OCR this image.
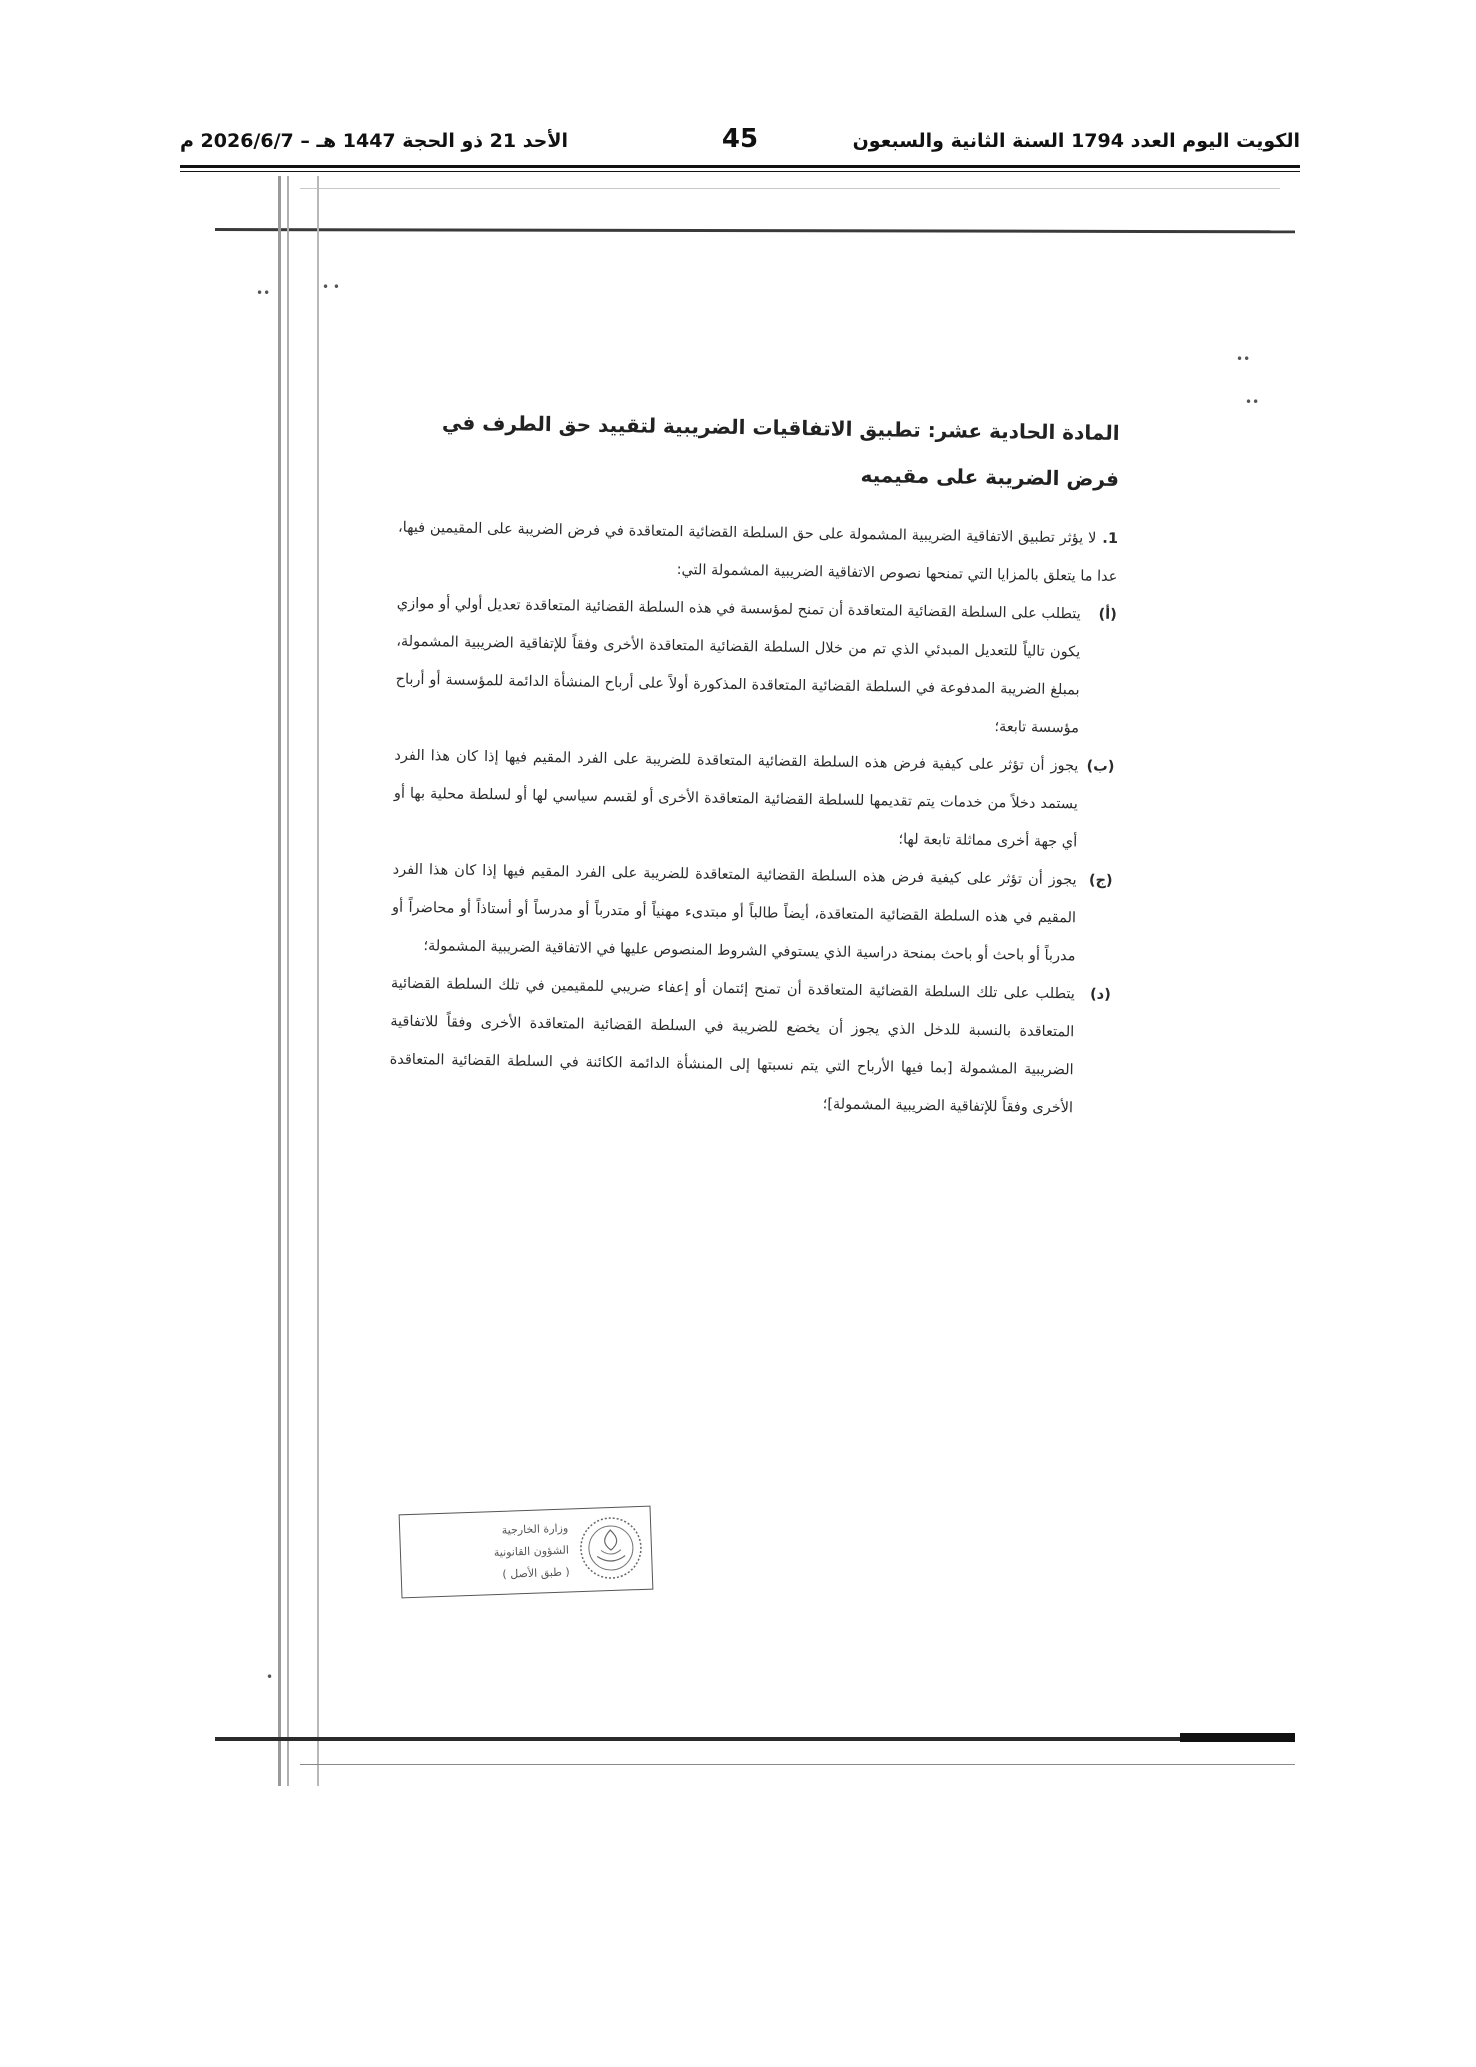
الكويت اليوم العدد 1794 السنة الثانية والسبعون
45
الأحد 21 ذو الحجة 1447 هـ – 2026/6/7 م
••	• •
••
••
•
المادة الحادية عشر: تطبيق الاتفاقيات الضريبية لتقييد حق الطرف في فرض الضريبة على مقيميه

1.لا يؤثر تطبيق الاتفاقية الضريبية المشمولة على حق السلطة القضائية المتعاقدة في فرض الضريبة على المقيمين فيها، عدا ما يتعلق بالمزايا التي تمنحها نصوص الاتفاقية الضريبية المشمولة التي:

(أ)
يتطلب على السلطة القضائية المتعاقدة أن تمنح لمؤسسة في هذه السلطة القضائية المتعاقدة تعديل أولي أو موازي يكون تالياً للتعديل المبدئي الذي تم من خلال السلطة القضائية المتعاقدة الأخرى وفقاً للإتفاقية الضريبية المشمولة، بمبلغ الضريبة المدفوعة في السلطة القضائية المتعاقدة المذكورة أولاً على أرباح المنشأة الدائمة للمؤسسة أو أرباح مؤسسة تابعة؛
(ب)
يجوز أن تؤثر على كيفية فرض هذه السلطة القضائية المتعاقدة للضريبة على الفرد المقيم فيها إذا كان هذا الفرد يستمد دخلاً من خدمات يتم تقديمها للسلطة القضائية المتعاقدة الأخرى أو لقسم سياسي لها أو لسلطة محلية بها أو أي جهة أخرى مماثلة تابعة لها؛
(ج)
يجوز أن تؤثر على كيفية فرض هذه السلطة القضائية المتعاقدة للضريبة على الفرد المقيم فيها إذا كان هذا الفرد المقيم في هذه السلطة القضائية المتعاقدة، أيضاً طالباً أو مبتدىء مهنياً أو متدرباً أو مدرساً أو أستاذاً أو محاضراً أو مدرباً أو باحث أو باحث بمنحة دراسية الذي يستوفي الشروط المنصوص عليها في الاتفاقية الضريبية المشمولة؛
(د)
يتطلب على تلك السلطة القضائية المتعاقدة أن تمنح إئتمان أو إعفاء ضريبي للمقيمين في تلك السلطة القضائية المتعاقدة بالنسبة للدخل الذي يجوز أن يخضع للضريبة في السلطة القضائية المتعاقدة الأخرى وفقاً للاتفاقية الضريبية المشمولة [بما فيها الأرباح التي يتم نسبتها إلى المنشأة الدائمة الكائنة في السلطة القضائية المتعاقدة الأخرى وفقاً للإتفاقية الضريبية المشمولة]؛
وزارة الخارجية
الشؤون القانونية
( طبق الأصل )
